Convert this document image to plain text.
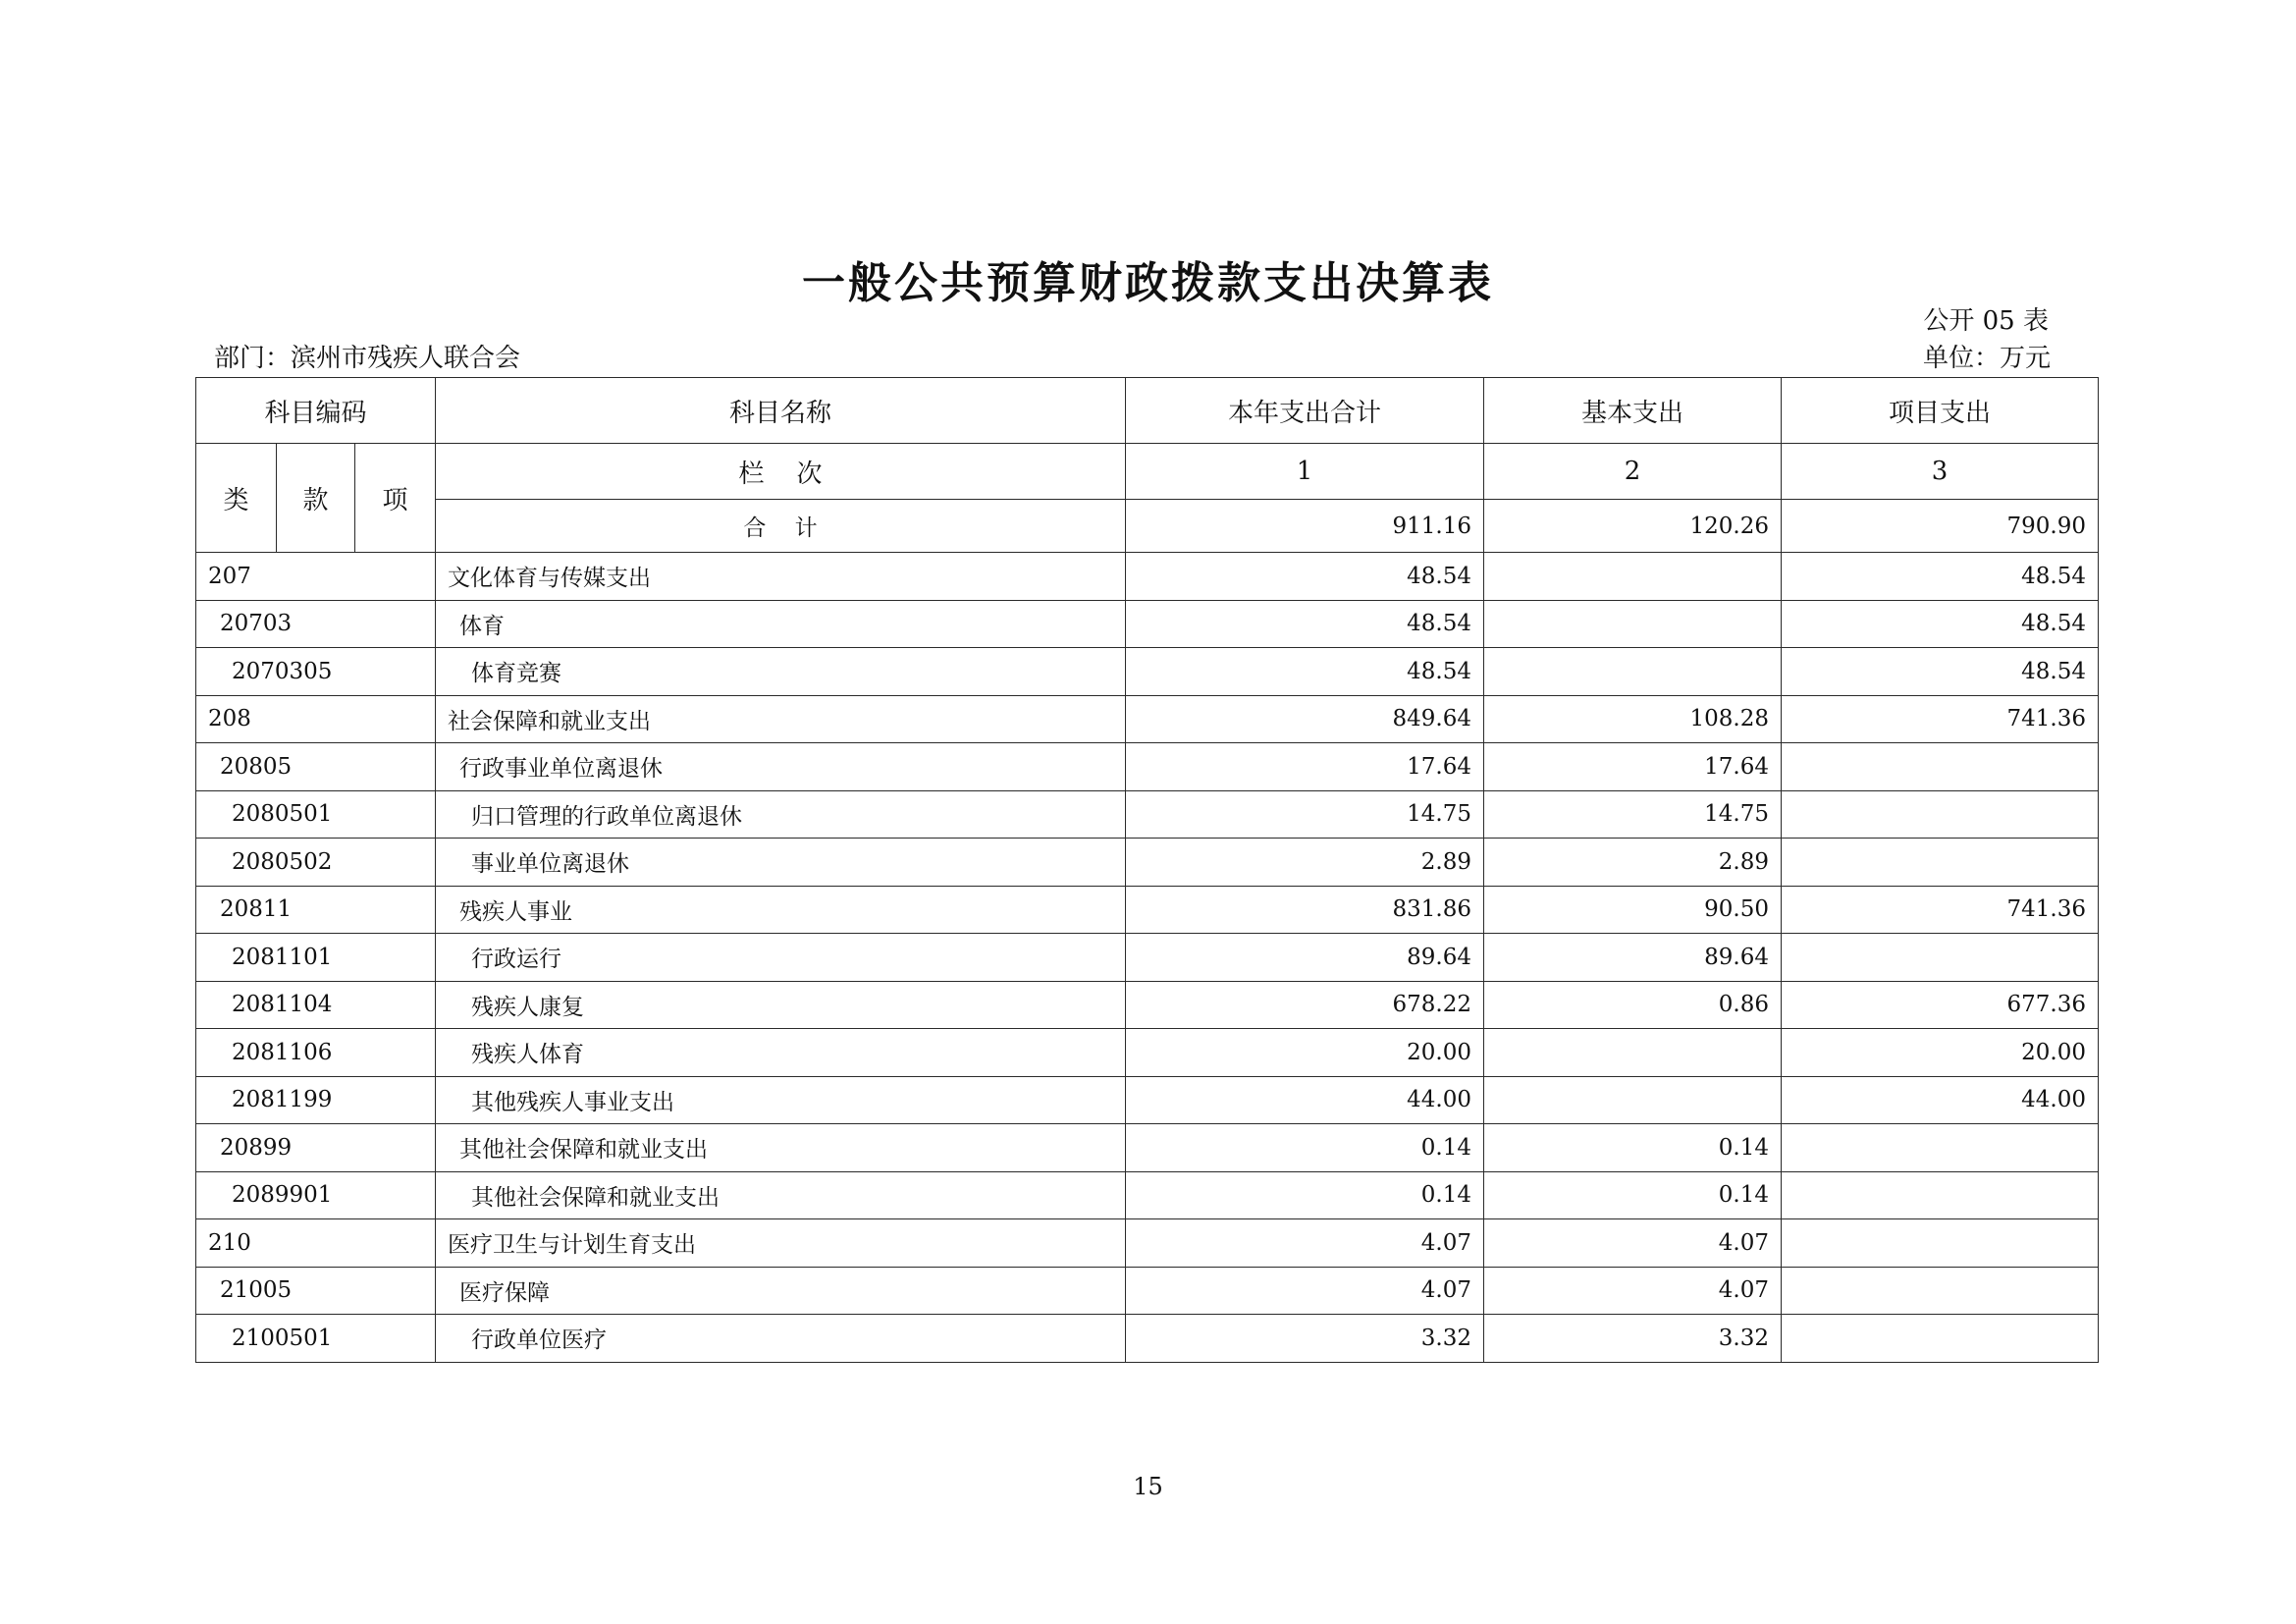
一般公共预算财政拨款支出决算表
公开 05 表
部门：滨州市残疾人联合会	单位：万元
科目编码			科目名称	本年支出合计	基本支出	项目支出
类	款	项	栏    次	1	2	3
			合    计	911.16	120.26	790.90
207			文化体育与传媒支出	48.54		48.54
20703			体育	48.54		48.54
2070305			体育竞赛	48.54		48.54
208			社会保障和就业支出	849.64	108.28	741.36
20805			行政事业单位离退休	17.64	17.64	
2080501			归口管理的行政单位离退休	14.75	14.75	
2080502			事业单位离退休	2.89	2.89	
20811			残疾人事业	831.86	90.50	741.36
2081101			行政运行	89.64	89.64	
2081104			残疾人康复	678.22	0.86	677.36
2081106			残疾人体育	20.00		20.00
2081199			其他残疾人事业支出	44.00		44.00
20899			其他社会保障和就业支出	0.14	0.14	
2089901			其他社会保障和就业支出	0.14	0.14	
210			医疗卫生与计划生育支出	4.07	4.07	
21005			医疗保障	4.07	4.07	
2100501			行政单位医疗	3.32	3.32	
15
